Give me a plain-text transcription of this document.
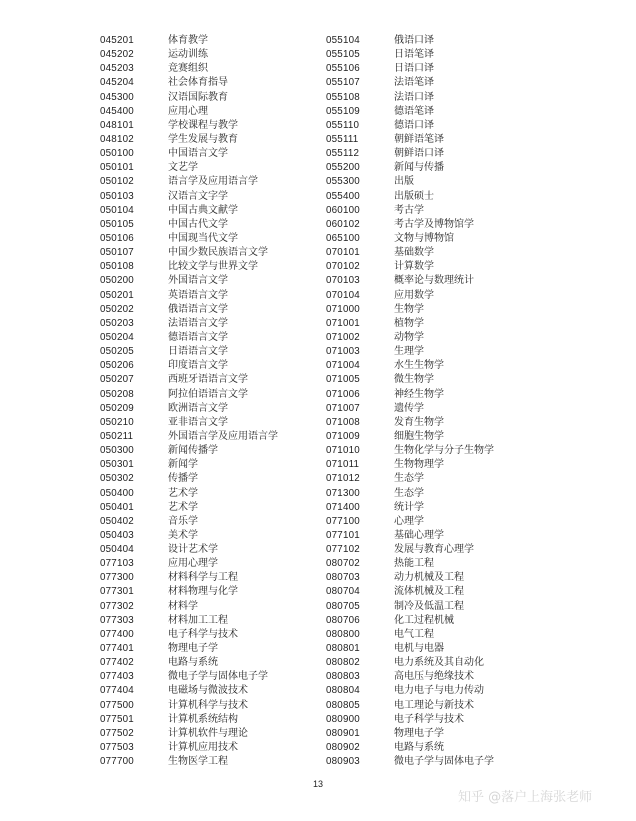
045201	体育教学
045202	运动训练
045203	竞赛组织
045204	社会体育指导
045300	汉语国际教育
045400	应用心理
048101	学校课程与教学
048102	学生发展与教育
050100	中国语言文学
050101	文艺学
050102	语言学及应用语言学
050103	汉语言文字学
050104	中国古典文献学
050105	中国古代文学
050106	中国现当代文学
050107	中国少数民族语言文学
050108	比较文学与世界文学
050200	外国语言文学
050201	英语语言文学
050202	俄语语言文学
050203	法语语言文学
050204	德语语言文学
050205	日语语言文学
050206	印度语言文学
050207	西班牙语语言文学
050208	阿拉伯语语言文学
050209	欧洲语言文学
050210	亚非语言文学
050211	外国语言学及应用语言学
050300	新闻传播学
050301	新闻学
050302	传播学
050400	艺术学
050401	艺术学
050402	音乐学
050403	美术学
050404	设计艺术学
077103	应用心理学
077300	材料科学与工程
077301	材料物理与化学
077302	材料学
077303	材料加工工程
077400	电子科学与技术
077401	物理电子学
077402	电路与系统
077403	微电子学与固体电子学
077404	电磁场与微波技术
077500	计算机科学与技术
077501	计算机系统结构
077502	计算机软件与理论
077503	计算机应用技术
077700	生物医学工程
055104	俄语口译
055105	日语笔译
055106	日语口译
055107	法语笔译
055108	法语口译
055109	德语笔译
055110	德语口译
055111	朝鲜语笔译
055112	朝鲜语口译
055200	新闻与传播
055300	出版
055400	出版硕士
060100	考古学
060102	考古学及博物馆学
065100	文物与博物馆
070101	基础数学
070102	计算数学
070103	概率论与数理统计
070104	应用数学
071000	生物学
071001	植物学
071002	动物学
071003	生理学
071004	水生生物学
071005	微生物学
071006	神经生物学
071007	遗传学
071008	发育生物学
071009	细胞生物学
071010	生物化学与分子生物学
071011	生物物理学
071012	生态学
071300	生态学
071400	统计学
077100	心理学
077101	基础心理学
077102	发展与教育心理学
080702	热能工程
080703	动力机械及工程
080704	流体机械及工程
080705	制冷及低温工程
080706	化工过程机械
080800	电气工程
080801	电机与电器
080802	电力系统及其自动化
080803	高电压与绝缘技术
080804	电力电子与电力传动
080805	电工理论与新技术
080900	电子科学与技术
080901	物理电子学
080902	电路与系统
080903	微电子学与固体电子学
13
知乎 @落户上海张老师
